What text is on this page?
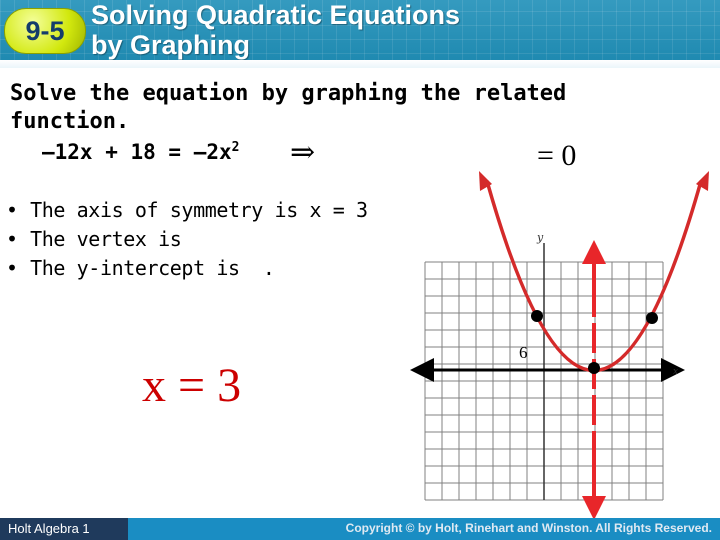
9-5
Solving Quadratic Equations
by Graphing
Solve the equation by graphing the related
function.
$-12x + 18 = -2x^2$ ⇒	= 0
• The axis of symmetry is x = 3
• The vertex is
• The y-intercept is  .
x = 3
y
x
6
Holt Algebra 1	Copyright © by Holt, Rinehart and Winston. All Rights Reserved.
